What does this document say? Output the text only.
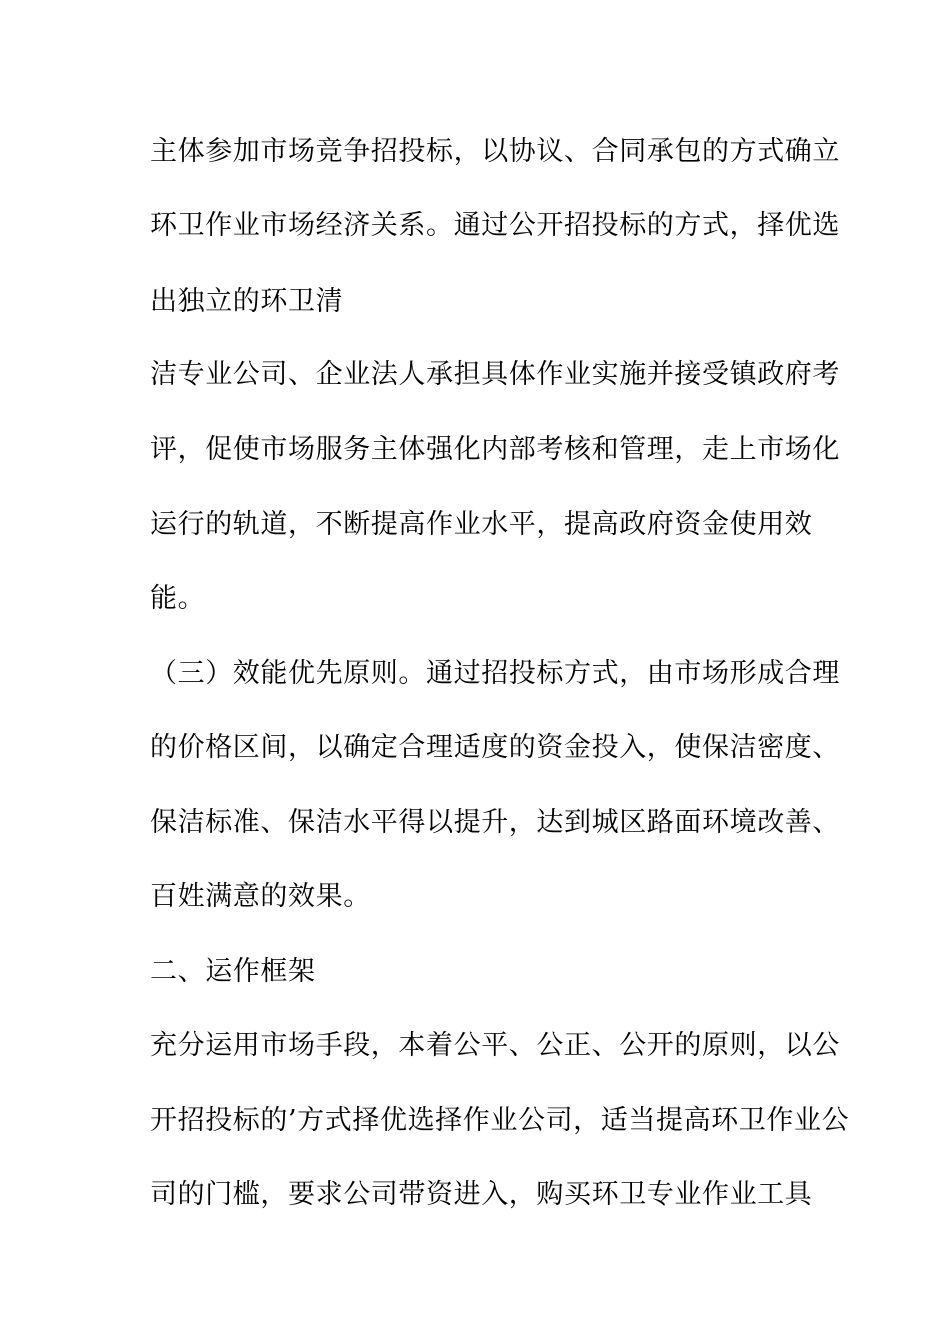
主体参加市场竞争招投标，以协议、合同承包的方式确立

环卫作业市场经济关系。通过公开招投标的方式，择优选

出独立的环卫清

洁专业公司、企业法人承担具体作业实施并接受镇政府考

评，促使市场服务主体强化内部考核和管理，走上市场化

运行的轨道，不断提高作业水平，提高政府资金使用效

能。

（三）效能优先原则。通过招投标方式，由市场形成合理

的价格区间，以确定合理适度的资金投入，使保洁密度、

保洁标准、保洁水平得以提升，达到城区路面环境改善、

百姓满意的效果。

二、运作框架

充分运用市场手段，本着公平、公正、公开的原则，以公

开招投标的’方式择优选择作业公司，适当提高环卫作业公

司的门槛，要求公司带资进入，购买环卫专业作业工具
